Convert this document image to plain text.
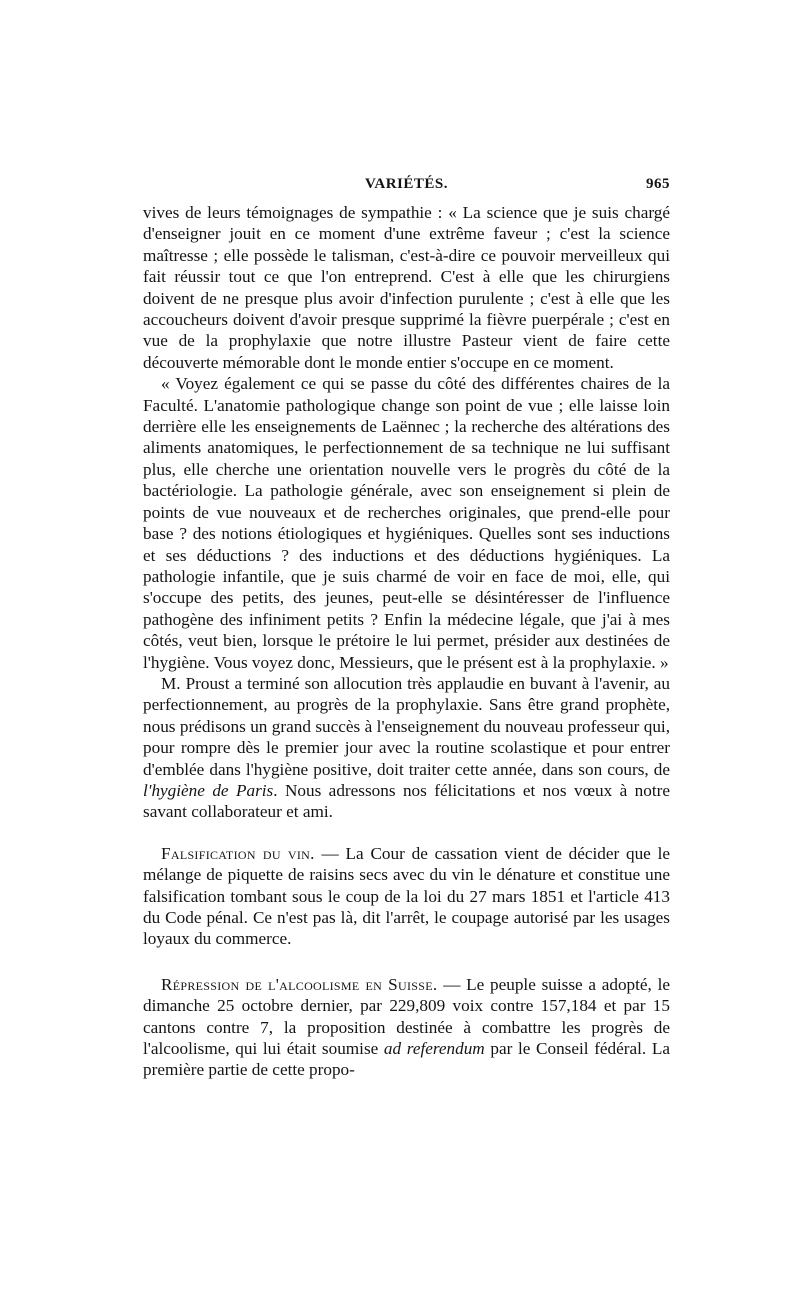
VARIÉTÉS.	965

vives de leurs témoignages de sympathie : « La science que je suis chargé d'enseigner jouit en ce moment d'une extrême faveur ; c'est la science maîtresse ; elle possède le talisman, c'est-à-dire ce pouvoir merveilleux qui fait réussir tout ce que l'on entreprend. C'est à elle que les chirurgiens doivent de ne presque plus avoir d'infection purulente ; c'est à elle que les accoucheurs doivent d'avoir presque supprimé la fièvre puerpérale ; c'est en vue de la prophylaxie que notre illustre Pasteur vient de faire cette découverte mémorable dont le monde entier s'occupe en ce moment.

« Voyez également ce qui se passe du côté des différentes chaires de la Faculté. L'anatomie pathologique change son point de vue ; elle laisse loin derrière elle les enseignements de Laënnec ; la recherche des altérations des aliments anatomiques, le perfectionnement de sa technique ne lui suffisant plus, elle cherche une orientation nouvelle vers le progrès du côté de la bactériologie. La pathologie générale, avec son enseignement si plein de points de vue nouveaux et de recherches originales, que prend-elle pour base ? des notions étiologiques et hygiéniques. Quelles sont ses inductions et ses déductions ? des inductions et des déductions hygiéniques. La pathologie infantile, que je suis charmé de voir en face de moi, elle, qui s'occupe des petits, des jeunes, peut-elle se désintéresser de l'influence pathogène des infiniment petits ? Enfin la médecine légale, que j'ai à mes côtés, veut bien, lorsque le prétoire le lui permet, présider aux destinées de l'hygiène. Vous voyez donc, Messieurs, que le présent est à la prophylaxie. »

M. Proust a terminé son allocution très applaudie en buvant à l'avenir, au perfectionnement, au progrès de la prophylaxie. Sans être grand prophète, nous prédisons un grand succès à l'enseignement du nouveau professeur qui, pour rompre dès le premier jour avec la routine scolastique et pour entrer d'emblée dans l'hygiène positive, doit traiter cette année, dans son cours, de l'hygiène de Paris. Nous adressons nos félicitations et nos vœux à notre savant collaborateur et ami.

Falsification du vin. — La Cour de cassation vient de décider que le mélange de piquette de raisins secs avec du vin le dénature et constitue une falsification tombant sous le coup de la loi du 27 mars 1851 et l'article 413 du Code pénal. Ce n'est pas là, dit l'arrêt, le coupage autorisé par les usages loyaux du commerce.

Répression de l'alcoolisme en Suisse. — Le peuple suisse a adopté, le dimanche 25 octobre dernier, par 229,809 voix contre 157,184 et par 15 cantons contre 7, la proposition destinée à combattre les progrès de l'alcoolisme, qui lui était soumise ad referendum par le Conseil fédéral. La première partie de cette propo-
